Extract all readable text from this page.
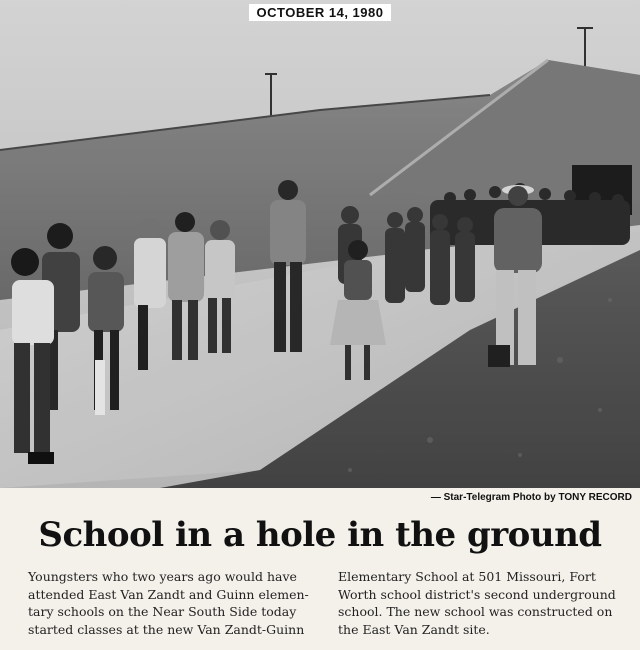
OCTOBER 14, 1980
— Star-Telegram Photo by TONY RECORD
School in a hole in the ground
Youngsters who two years ago would have
attended East Van Zandt and Guinn elemen-
tary schools on the Near South Side today
started classes at the new Van Zandt-Guinn
Elementary School at 501 Missouri, Fort
Worth school district's second underground
school. The new school was constructed on
the East Van Zandt site.
